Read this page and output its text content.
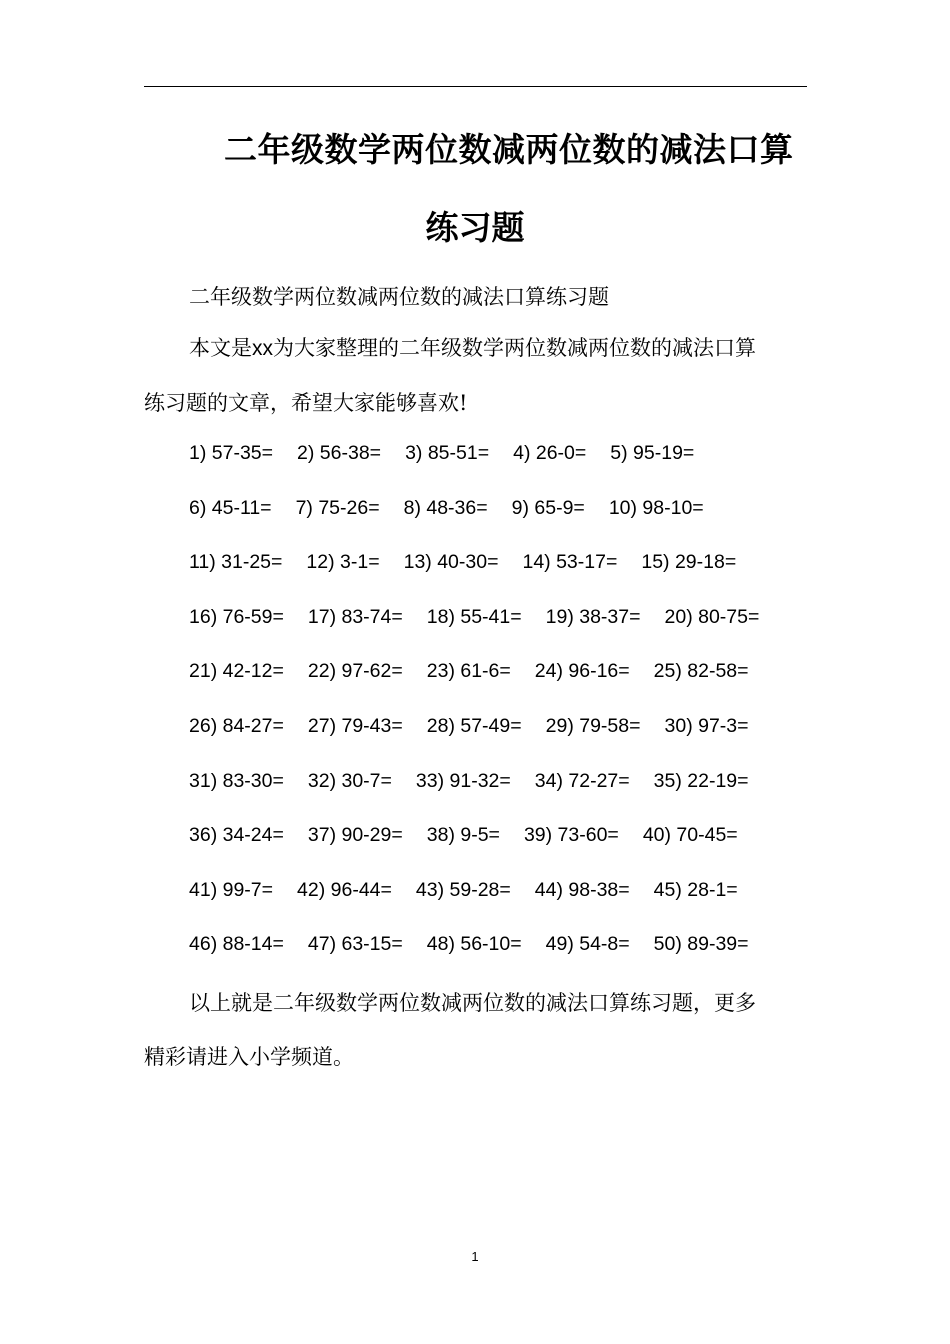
二年级数学两位数减两位数的减法口算
练习题
二年级数学两位数减两位数的减法口算练习题
本文是xx为大家整理的二年级数学两位数减两位数的减法口算
练习题的文章，希望大家能够喜欢!
1) 57-35= 2) 56-38= 3) 85-51= 4) 26-0= 5) 95-19=
6) 45-11= 7) 75-26= 8) 48-36= 9) 65-9= 10) 98-10=
11) 31-25= 12) 3-1= 13) 40-30= 14) 53-17= 15) 29-18=
16) 76-59= 17) 83-74= 18) 55-41= 19) 38-37= 20) 80-75=
21) 42-12= 22) 97-62= 23) 61-6= 24) 96-16= 25) 82-58=
26) 84-27= 27) 79-43= 28) 57-49= 29) 79-58= 30) 97-3=
31) 83-30= 32) 30-7= 33) 91-32= 34) 72-27= 35) 22-19=
36) 34-24= 37) 90-29= 38) 9-5= 39) 73-60= 40) 70-45=
41) 99-7= 42) 96-44= 43) 59-28= 44) 98-38= 45) 28-1=
46) 88-14= 47) 63-15= 48) 56-10= 49) 54-8= 50) 89-39=
以上就是二年级数学两位数减两位数的减法口算练习题，更多
精彩请进入小学频道。
1
